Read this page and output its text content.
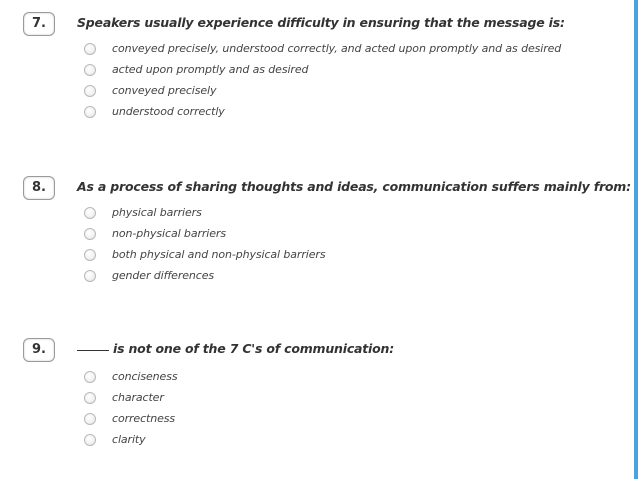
7.	Speakers usually experience difficulty in ensuring that the message is:
conveyed precisely, understood correctly, and acted upon promptly and as desired
acted upon promptly and as desired
conveyed precisely
understood correctly
8.	As a process of sharing thoughts and ideas, communication suffers mainly from:
physical barriers
non-physical barriers
both physical and non-physical barriers
gender differences
9.	is not one of the 7 C's of communication:
conciseness
character
correctness
clarity
